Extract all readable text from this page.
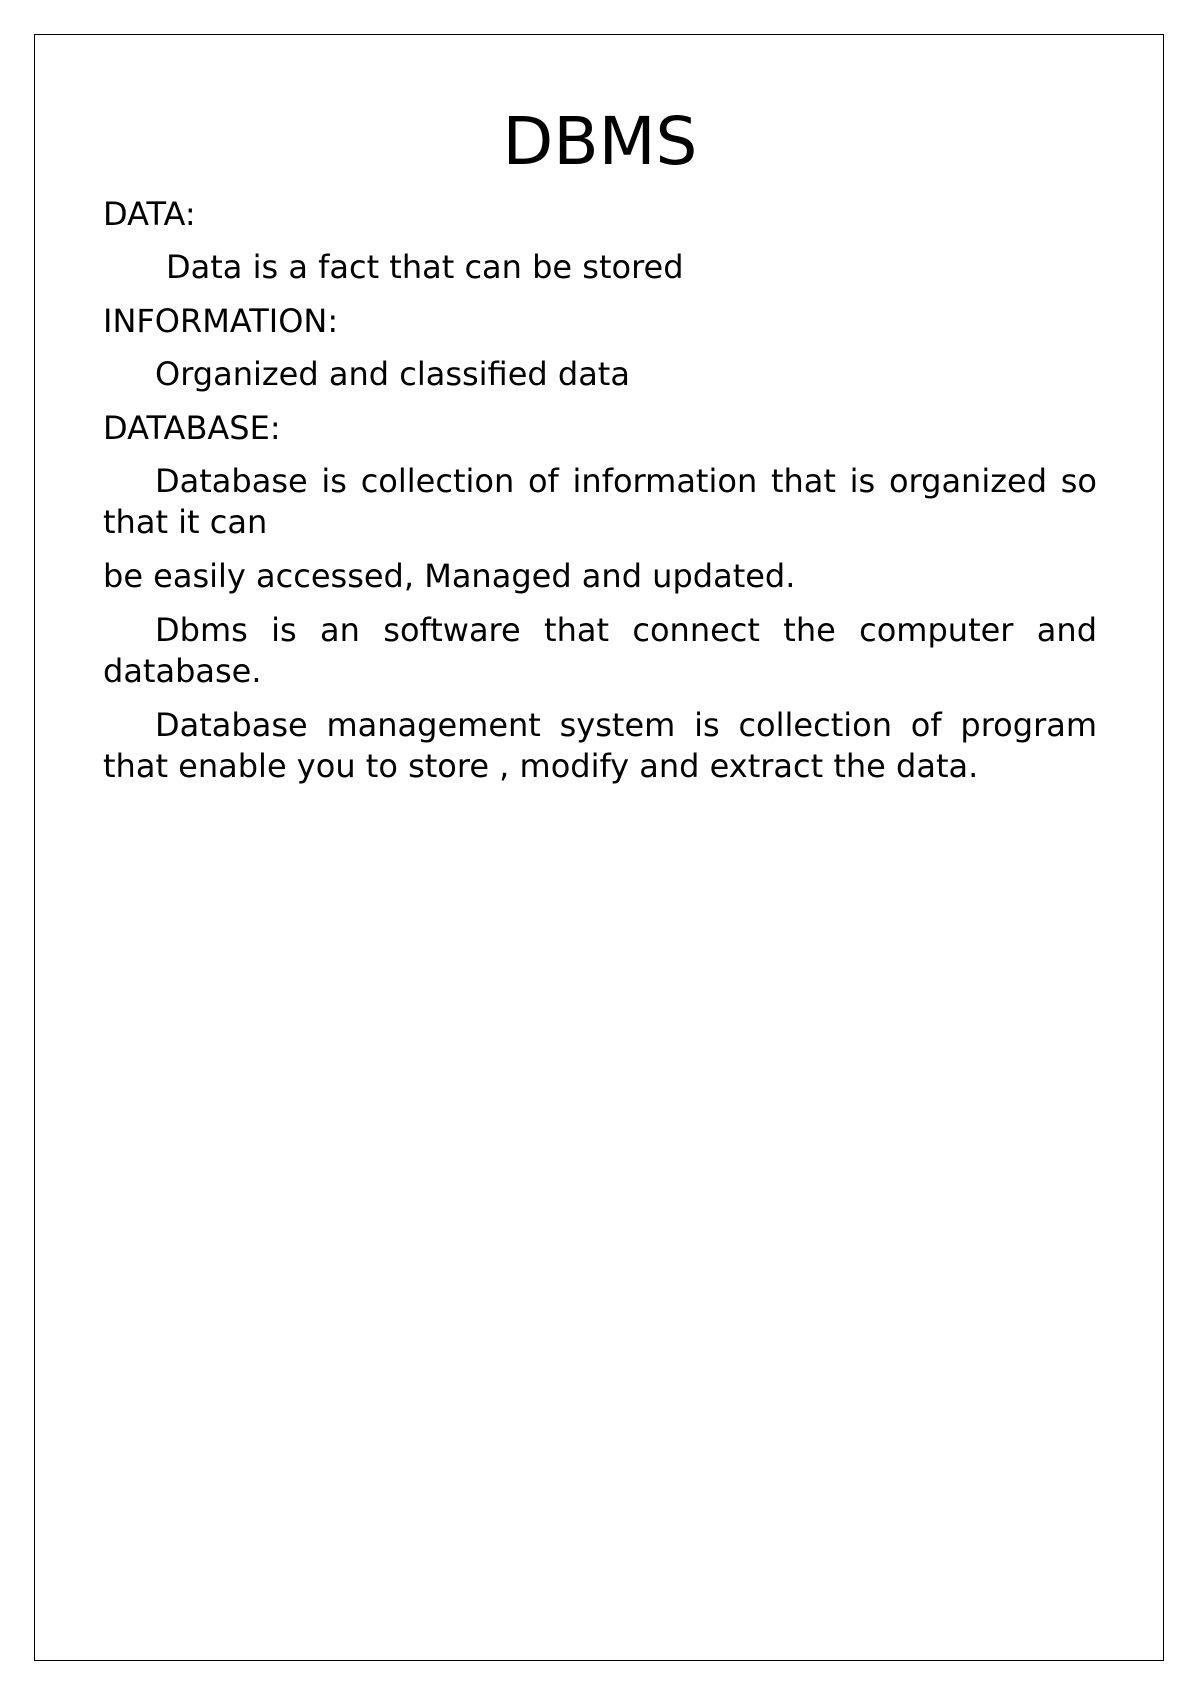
DBMS
DATA:

Data is a fact that can be stored

INFORMATION:

Organized and classified data

DATABASE:

Database is collection of information that is organized so that it can

be easily accessed, Managed and updated.

Dbms is an software that connect the computer and database.

Database management system is collection of program that enable you to store , modify and extract the data.
